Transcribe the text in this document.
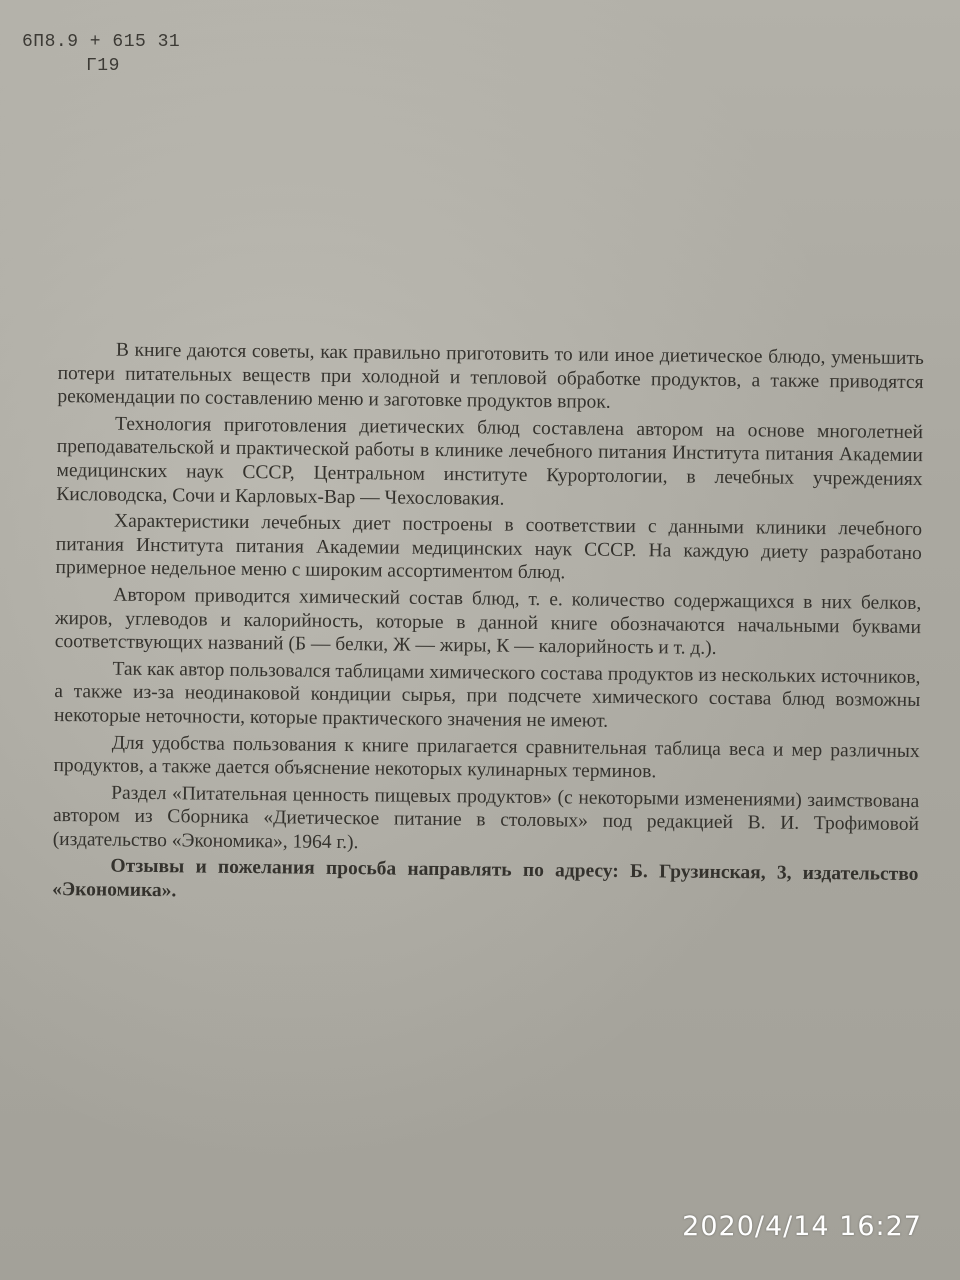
6П8.9 + 615 31
Г19

В книге даются советы, как правильно приготовить то или иное диетическое блюдо, уменьшить потери питательных веществ при холодной и тепловой обработке продуктов, а также приводятся рекомендации по составлению меню и заготовке продуктов впрок.

Технология приготовления диетических блюд составлена автором на основе многолетней преподавательской и практической работы в клинике лечебного питания Института питания Академии медицинских наук СССР, Центральном институте Курортологии, в лечебных учреждениях Кисловодска, Сочи и Карловых-Вар — Чехословакия.

Характеристики лечебных диет построены в соответствии с данными клиники лечебного питания Института питания Академии медицинских наук СССР. На каждую диету разработано примерное недельное меню с широким ассортиментом блюд.

Автором приводится химический состав блюд, т. е. количество содержащихся в них белков, жиров, углеводов и калорийность, которые в данной книге обозначаются начальными буквами соответствующих названий (Б — белки, Ж — жиры, К — калорийность и т. д.).

Так как автор пользовался таблицами химического состава продуктов из нескольких источников, а также из-за неодинаковой кондиции сырья, при подсчете химического состава блюд возможны некоторые неточности, которые практического значения не имеют.

Для удобства пользования к книге прилагается сравнительная таблица веса и мер различных продуктов, а также дается объяснение некоторых кулинарных терминов.

Раздел «Питательная ценность пищевых продуктов» (с некоторыми изменениями) заимствована автором из Сборника «Диетическое питание в столовых» под редакцией В. И. Трофимовой (издательство «Экономика», 1964 г.).

Отзывы и пожелания просьба направлять по адресу: Б. Грузинская, 3, издательство «Экономика».

2020/4/14 16:27
